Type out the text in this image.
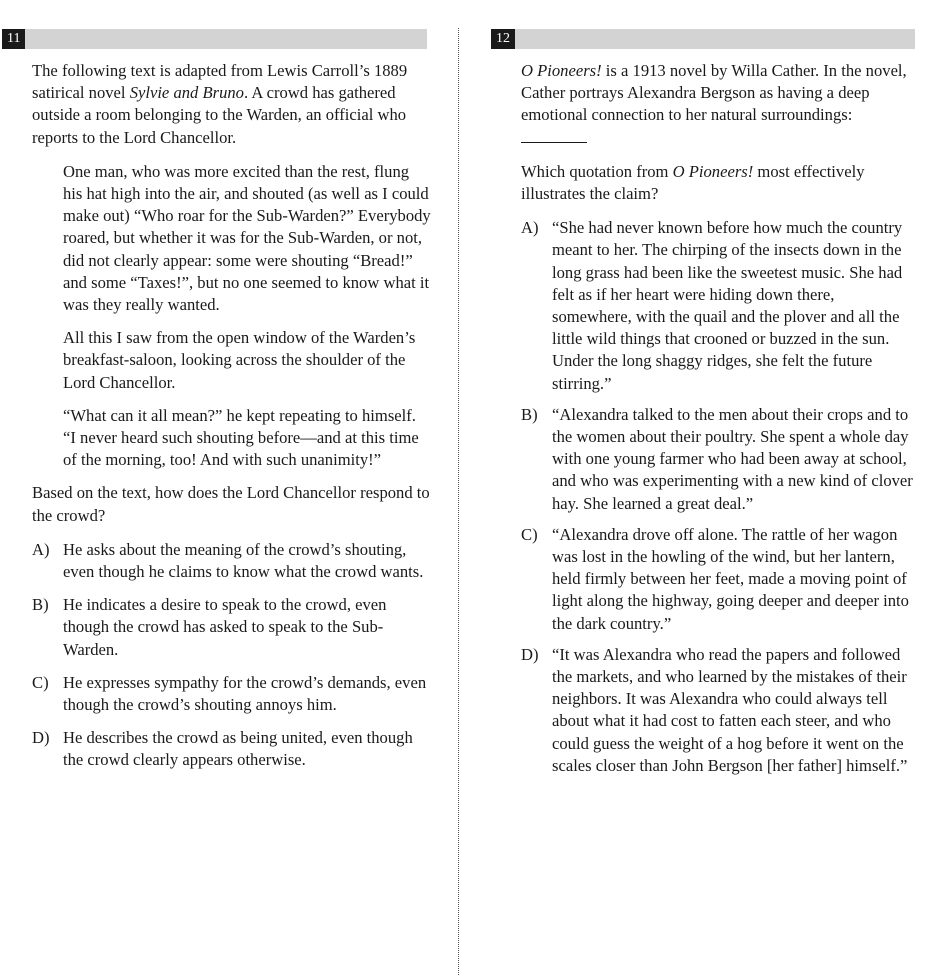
11	12

The following text is adapted from Lewis Carroll’s 1889 satirical novel Sylvie and Bruno. A crowd has gathered outside a room belonging to the Warden, an official who reports to the Lord Chancellor.

One man, who was more excited than the rest, flung his hat high into the air, and shouted (as well as I could make out) “Who roar for the Sub-Warden?” Everybody roared, but whether it was for the Sub-Warden, or not, did not clearly appear: some were shouting “Bread!” and some “Taxes!”, but no one seemed to know what it was they really wanted.

All this I saw from the open window of the Warden’s breakfast-saloon, looking across the shoulder of the Lord Chancellor.

“What can it all mean?” he kept repeating to himself. “I never heard such shouting before—and at this time of the morning, too! And with such unanimity!”

Based on the text, how does the Lord Chancellor respond to the crowd?

A) He asks about the meaning of the crowd’s shouting, even though he claims to know what the crowd wants.
B) He indicates a desire to speak to the crowd, even though the crowd has asked to speak to the Sub-Warden.
C) He expresses sympathy for the crowd’s demands, even though the crowd’s shouting annoys him.
D) He describes the crowd as being united, even though the crowd clearly appears otherwise.

O Pioneers! is a 1913 novel by Willa Cather. In the novel, Cather portrays Alexandra Bergson as having a deep emotional connection to her natural surroundings:

Which quotation from O Pioneers! most effectively illustrates the claim?

A) “She had never known before how much the country meant to her. The chirping of the insects down in the long grass had been like the sweetest music. She had felt as if her heart were hiding down there, somewhere, with the quail and the plover and all the little wild things that crooned or buzzed in the sun. Under the long shaggy ridges, she felt the future stirring.”
B) “Alexandra talked to the men about their crops and to the women about their poultry. She spent a whole day with one young farmer who had been away at school, and who was experimenting with a new kind of clover hay. She learned a great deal.”
C) “Alexandra drove off alone. The rattle of her wagon was lost in the howling of the wind, but her lantern, held firmly between her feet, made a moving point of light along the highway, going deeper and deeper into the dark country.”
D) “It was Alexandra who read the papers and followed the markets, and who learned by the mistakes of their neighbors. It was Alexandra who could always tell about what it had cost to fatten each steer, and who could guess the weight of a hog before it went on the scales closer than John Bergson [her father] himself.”
